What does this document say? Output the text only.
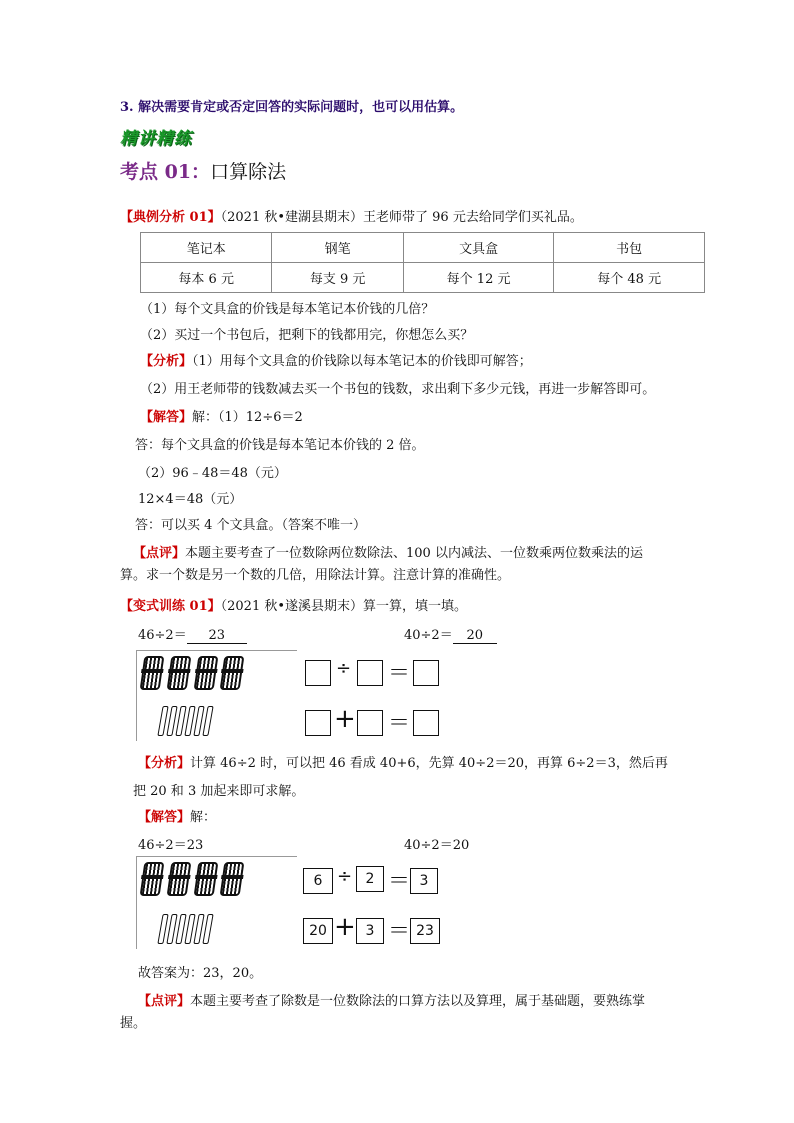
3. 解决需要肯定或否定回答的实际问题时，也可以用估算。
精讲精练
考点 01：口算除法
【典例分析 01】（2021 秋•建湖县期末）王老师带了 96 元去给同学们买礼品。
笔记本	钢笔	文具盒	书包
每本 6 元	每支 9 元	每个 12 元	每个 48 元
（1）每个文具盒的价钱是每本笔记本价钱的几倍？
（2）买过一个书包后，把剩下的钱都用完，你想怎么买？
【分析】（1）用每个文具盒的价钱除以每本笔记本的价钱即可解答；
（2）用王老师带的钱数减去买一个书包的钱数，求出剩下多少元钱，再进一步解答即可。
【解答】解：（1）12÷6＝2
答：每个文具盒的价钱是每本笔记本价钱的 2 倍。
（2）96﹣48＝48（元）
12×4＝48（元）
答：可以买 4 个文具盒。（答案不唯一）
【点评】本题主要考查了一位数除两位数除法、100 以内减法、一位数乘两位数乘法的运
算。求一个数是另一个数的几倍，用除法计算。注意计算的准确性。
【变式训练 01】（2021 秋•遂溪县期末）算一算，填一填。
46÷2＝ 23	40÷2＝ 20
÷ ＝
+ ＝
【分析】计算 46÷2 时，可以把 46 看成 40+6，先算 40÷2＝20，再算 6÷2＝3，然后再
把 20 和 3 加起来即可求解。
【解答】解：
46÷2＝23	40÷2＝20
6 ÷ 2 ＝ 3
20 + 3 ＝ 23
故答案为：23，20。
【点评】本题主要考查了除数是一位数除法的口算方法以及算理，属于基础题，要熟练掌
握。
